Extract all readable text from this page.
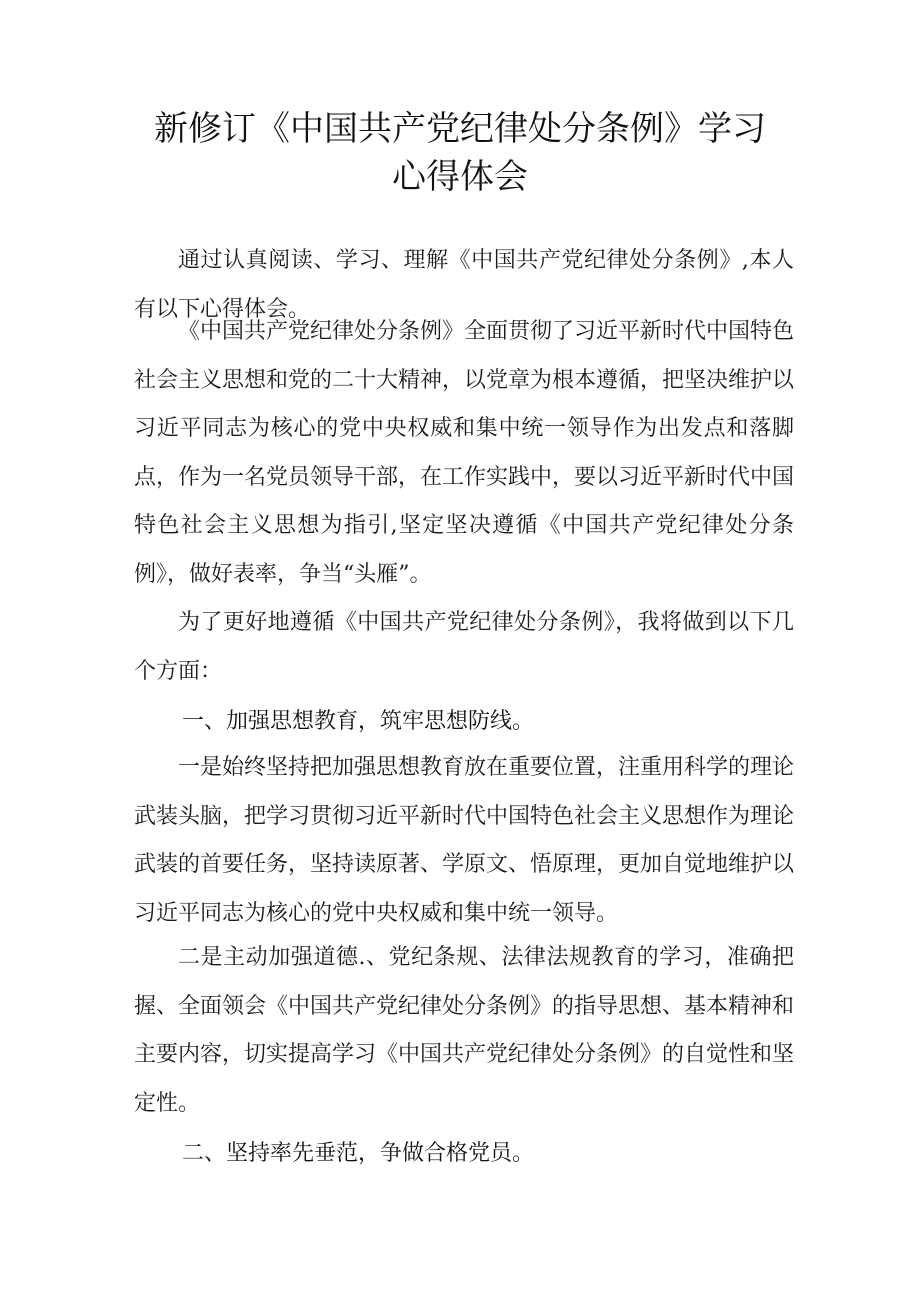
新修订《中国共产党纪律处分条例》学习
心得体会

通过认真阅读、学习、理解《中国共产党纪律处分条例》,本人有以下心得体会。

《中国共产党纪律处分条例》全面贯彻了习近平新时代中国特色社会主义思想和党的二十大精神，以党章为根本遵循，把坚决维护以习近平同志为核心的党中央权威和集中统一领导作为出发点和落脚点，作为一名党员领导干部，在工作实践中，要以习近平新时代中国特色社会主义思想为指引,坚定坚决遵循《中国共产党纪律处分条例》，做好表率，争当“头雁”。

为了更好地遵循《中国共产党纪律处分条例》，我将做到以下几个方面：

一、加强思想教育，筑牢思想防线。

一是始终坚持把加强思想教育放在重要位置，注重用科学的理论武装头脑，把学习贯彻习近平新时代中国特色社会主义思想作为理论武装的首要任务，坚持读原著、学原文、悟原理，更加自觉地维护以习近平同志为核心的党中央权威和集中统一领导。

二是主动加强道德.、党纪条规、法律法规教育的学习，准确把握、全面领会《中国共产党纪律处分条例》的指导思想、基本精神和主要内容，切实提高学习《中国共产党纪律处分条例》的自觉性和坚定性。

二、坚持率先垂范，争做合格党员。
